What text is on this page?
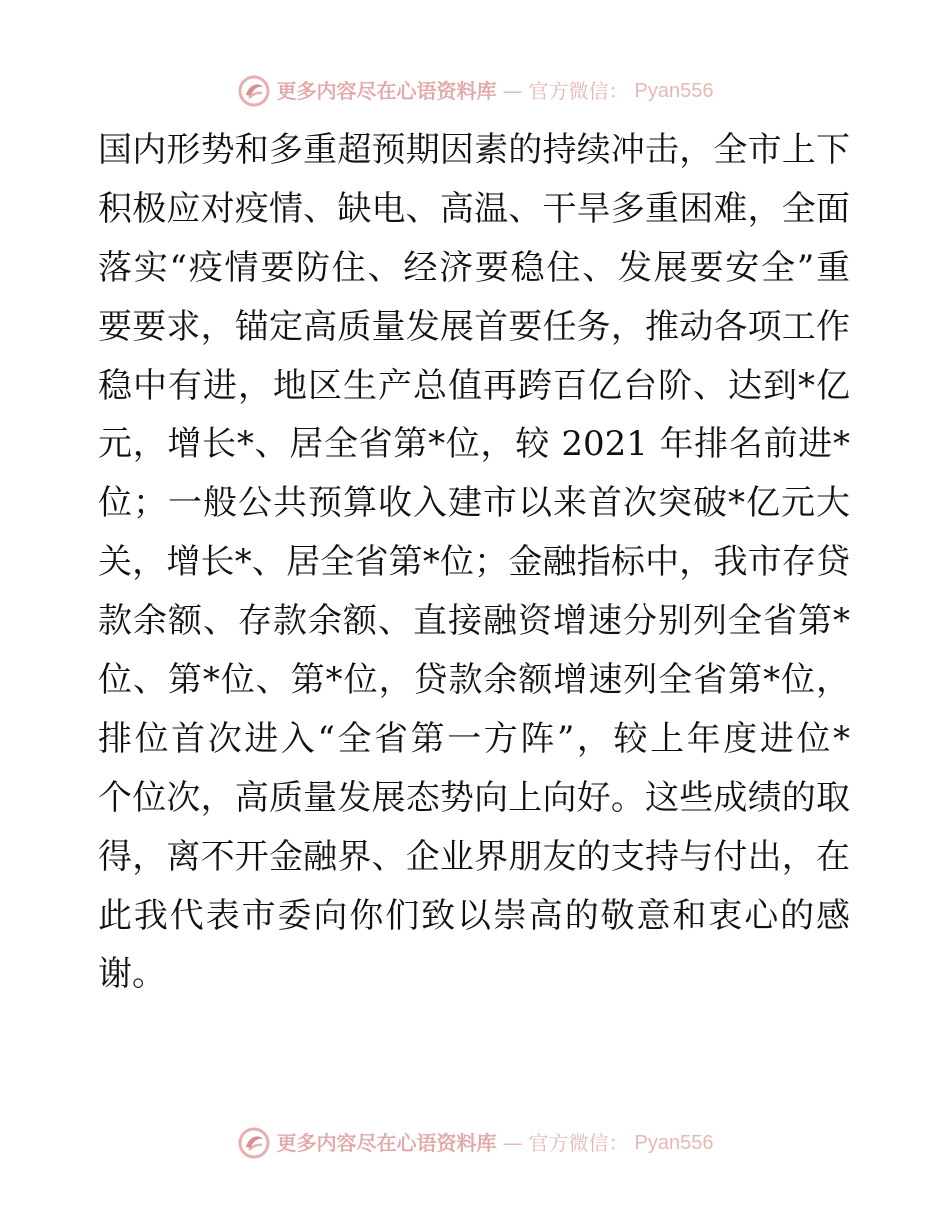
更多内容尽在心语资料库 — 官方微信： Pyan556
国内形势和多重超预期因素的持续冲击，全市上下
积极应对疫情、缺电、高温、干旱多重困难，全面
落实“疫情要防住、经济要稳住、发展要安全”重
要要求，锚定高质量发展首要任务，推动各项工作
稳中有进，地区生产总值再跨百亿台阶、达到*亿
元，增长*、居全省第*位，较 2021 年排名前进*
位；一般公共预算收入建市以来首次突破*亿元大
关，增长*、居全省第*位；金融指标中，我市存贷
款余额、存款余额、直接融资增速分别列全省第*
位、第*位、第*位，贷款余额增速列全省第*位，
排位首次进入“全省第一方阵”，较上年度进位*
个位次，高质量发展态势向上向好。这些成绩的取
得，离不开金融界、企业界朋友的支持与付出，在
此我代表市委向你们致以崇高的敬意和衷心的感
谢。
更多内容尽在心语资料库 — 官方微信： Pyan556
